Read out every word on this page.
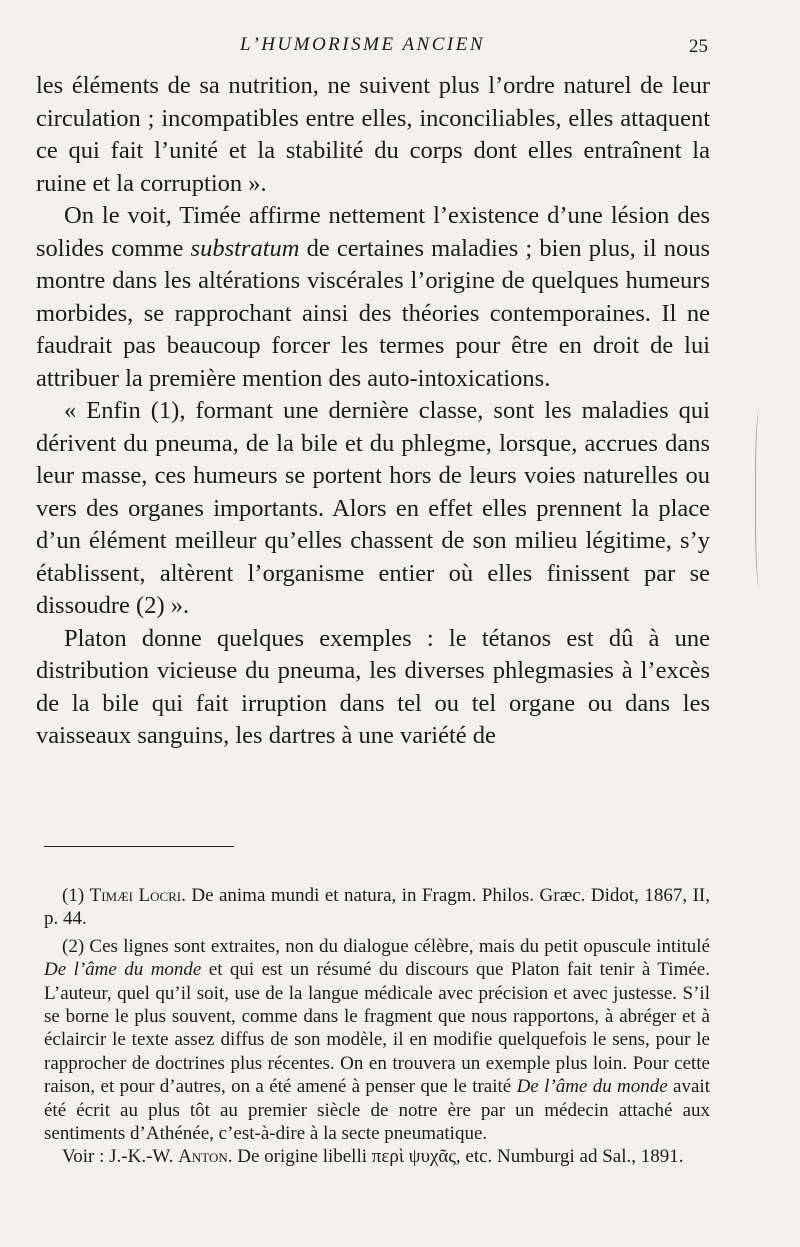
L’HUMORISME ANCIEN	25

les éléments de sa nutrition, ne suivent plus l’ordre naturel de leur circulation ; incompatibles entre elles, inconciliables, elles attaquent ce qui fait l’unité et la stabilité du corps dont elles entraînent la ruine et la corruption ».

On le voit, Timée affirme nettement l’existence d’une lésion des solides comme substratum de certaines maladies ; bien plus, il nous montre dans les altérations viscérales l’origine de quelques humeurs morbides, se rapprochant ainsi des théories contemporaines. Il ne faudrait pas beaucoup forcer les termes pour être en droit de lui attribuer la première mention des auto-intoxications.

« Enfin (1), formant une dernière classe, sont les maladies qui dérivent du pneuma, de la bile et du phlegme, lorsque, accrues dans leur masse, ces humeurs se portent hors de leurs voies naturelles ou vers des organes importants. Alors en effet elles prennent la place d’un élément meilleur qu’elles chassent de son milieu légitime, s’y établissent, altèrent l’organisme entier où elles finissent par se dissoudre (2) ».

Platon donne quelques exemples : le tétanos est dû à une distribution vicieuse du pneuma, les diverses phlegmasies à l’excès de la bile qui fait irruption dans tel ou tel organe ou dans les vaisseaux sanguins, les dartres à une variété de

(1) Timæi Locri. De anima mundi et natura, in Fragm. Philos. Græc. Didot, 1867, II, p. 44.

(2) Ces lignes sont extraites, non du dialogue célèbre, mais du petit opuscule intitulé De l’âme du monde et qui est un résumé du discours que Platon fait tenir à Timée. L’auteur, quel qu’il soit, use de la langue médicale avec précision et avec justesse. S’il se borne le plus souvent, comme dans le fragment que nous rapportons, à abréger et à éclaircir le texte assez diffus de son modèle, il en modifie quelquefois le sens, pour le rapprocher de doctrines plus récentes. On en trouvera un exemple plus loin. Pour cette raison, et pour d’autres, on a été amené à penser que le traité De l’âme du monde avait été écrit au plus tôt au premier siècle de notre ère par un médecin attaché aux sentiments d’Athénée, c’est-à-dire à la secte pneumatique.

Voir : J.-K.-W. Anton. De origine libelli περὶ ψυχᾶς, etc. Numburgi ad Sal., 1891.
